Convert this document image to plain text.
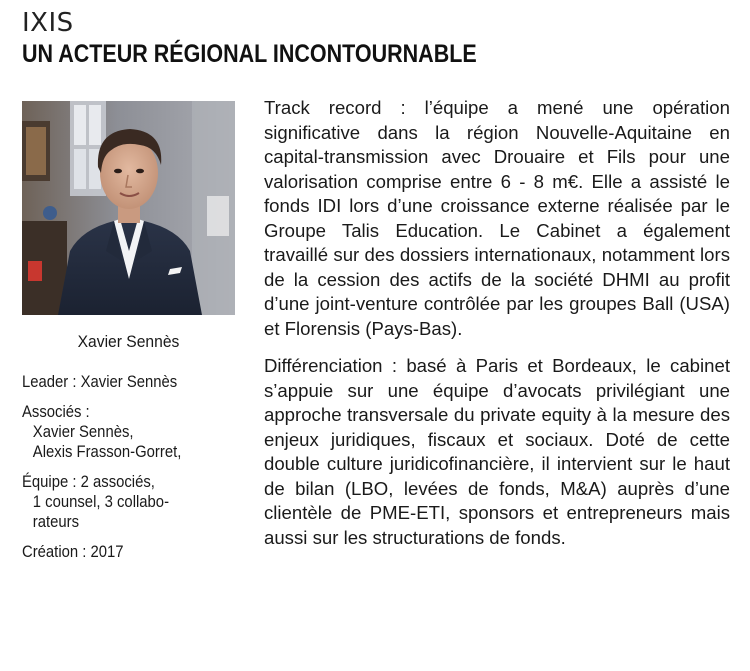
IXIS
UN ACTEUR RÉGIONAL INCONTOURNABLE
Xavier Sennès
Leader : Xavier Sennès
Associés :
Xavier Sennès,
Alexis Frasson-Gorret,
Équipe : 2 associés,
1 counsel, 3 collabo-
rateurs
Création : 2017

Track record : l’équipe a mené une opération significative dans la région Nouvelle-Aquitaine en capital-transmission avec Drouaire et Fils pour une valorisation comprise entre 6 - 8 m€. Elle a assisté le fonds IDI lors d’une croissance externe réalisée par le Groupe Talis Education. Le Cabinet a également travaillé sur des dossiers internationaux, notamment lors de la cession des actifs de la société DHMI au profit d’une joint-venture contrôlée par les groupes Ball (USA) et Florensis (Pays-Bas).

Différenciation : basé à Paris et Bordeaux, le cabinet s’appuie sur une équipe d’avocats privilégiant une approche transversale du private equity à la mesure des enjeux juridiques, fiscaux et sociaux. Doté de cette double culture juridicofinancière, il intervient sur le haut de bilan (LBO, levées de fonds, M&A) auprès d’une clientèle de PME-ETI, sponsors et entrepreneurs mais aussi sur les structurations de fonds.
